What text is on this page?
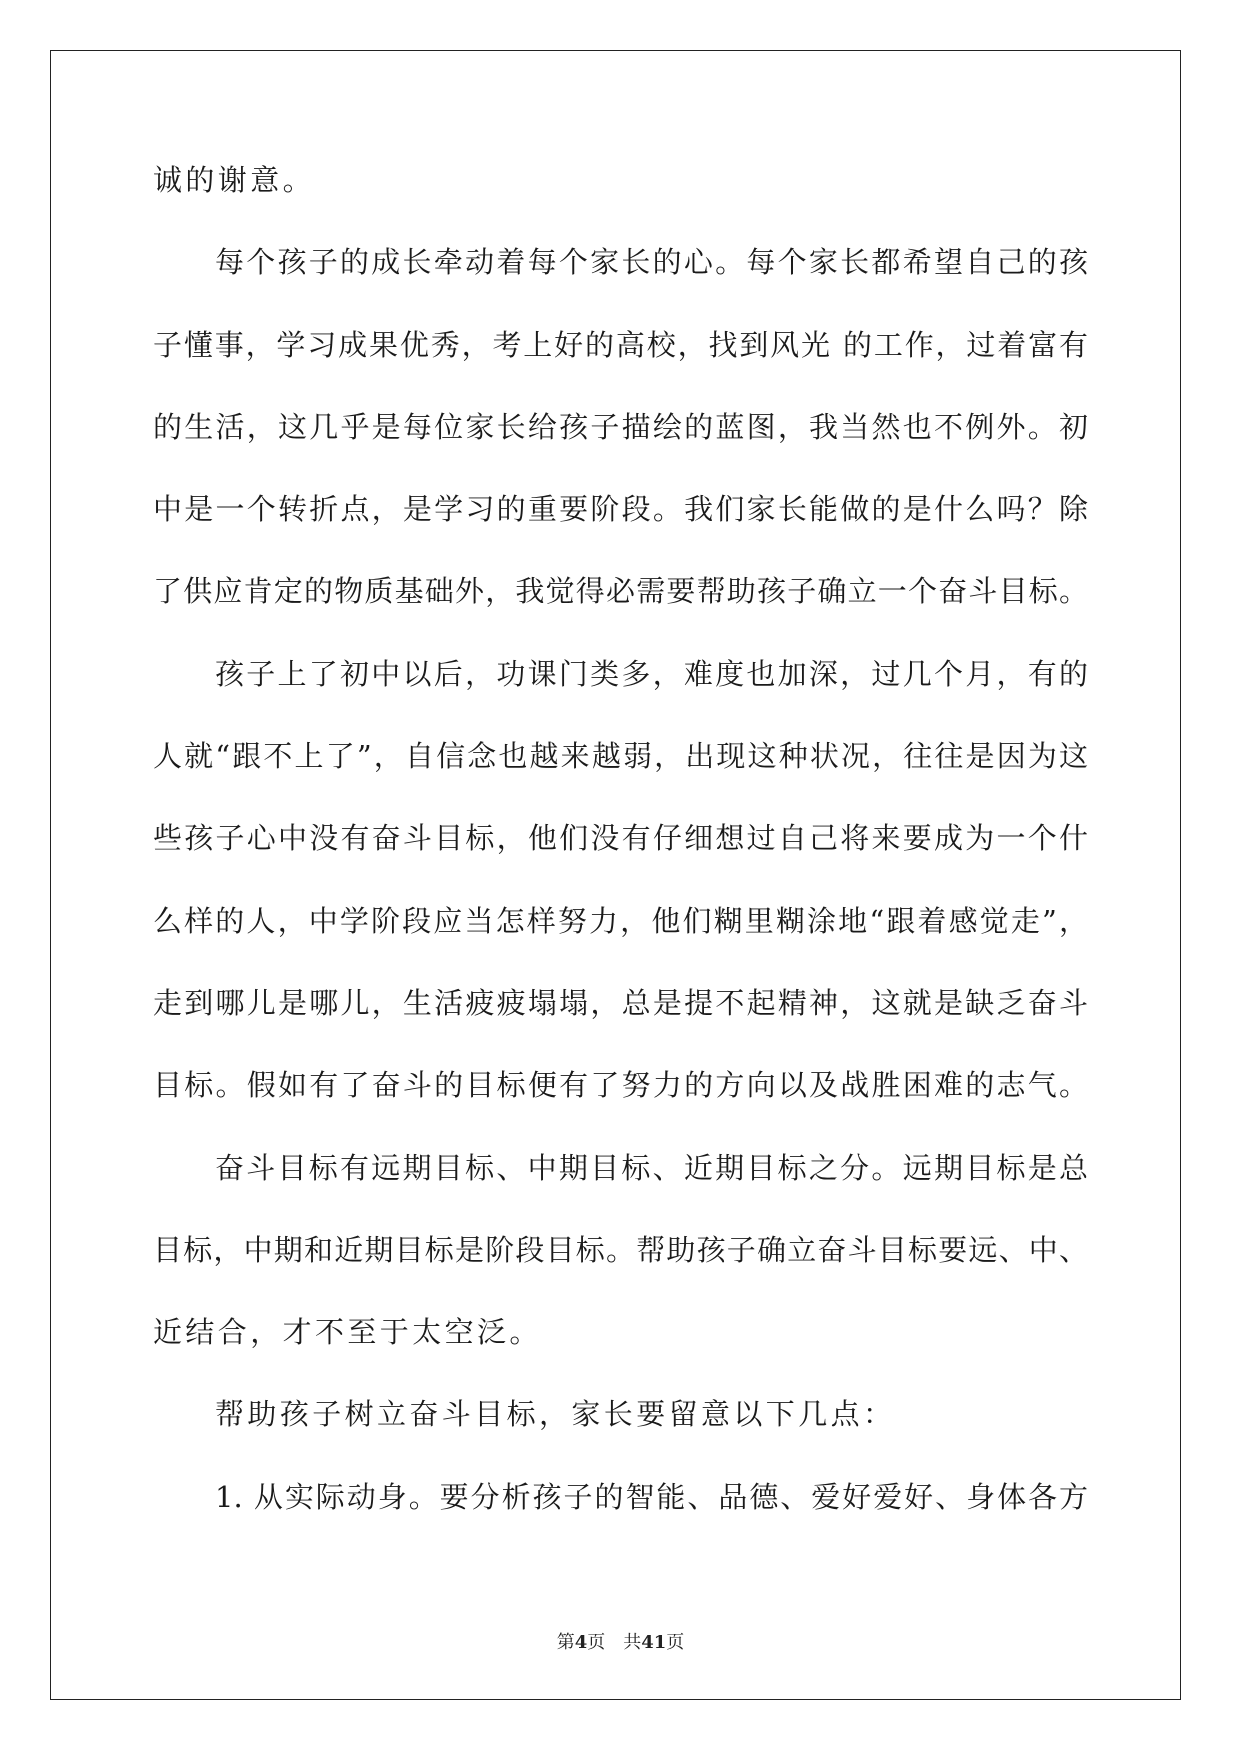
诚的谢意。
每个孩子的成长牵动着每个家长的心。每个家长都希望自己的孩
子懂事，学习成果优秀，考上好的高校，找到风光 的工作，过着富有
的生活，这几乎是每位家长给孩子描绘的蓝图，我当然也不例外。初
中是一个转折点，是学习的重要阶段。我们家长能做的是什么吗？除
了供应肯定的物质基础外，我觉得必需要帮助孩子确立一个奋斗目标。
孩子上了初中以后，功课门类多，难度也加深，过几个月，有的
人就“跟不上了”，自信念也越来越弱，出现这种状况，往往是因为这
些孩子心中没有奋斗目标，他们没有仔细想过自己将来要成为一个什
么样的人，中学阶段应当怎样努力，他们糊里糊涂地“跟着感觉走”，
走到哪儿是哪儿，生活疲疲塌塌，总是提不起精神，这就是缺乏奋斗
目标。假如有了奋斗的目标便有了努力的方向以及战胜困难的志气。
奋斗目标有远期目标、中期目标、近期目标之分。远期目标是总
目标，中期和近期目标是阶段目标。帮助孩子确立奋斗目标要远、中、
近结合，才不至于太空泛。
帮助孩子树立奋斗目标，家长要留意以下几点：
1. 从实际动身。要分析孩子的智能、品德、爱好爱好、身体各方
第4页 共41页
